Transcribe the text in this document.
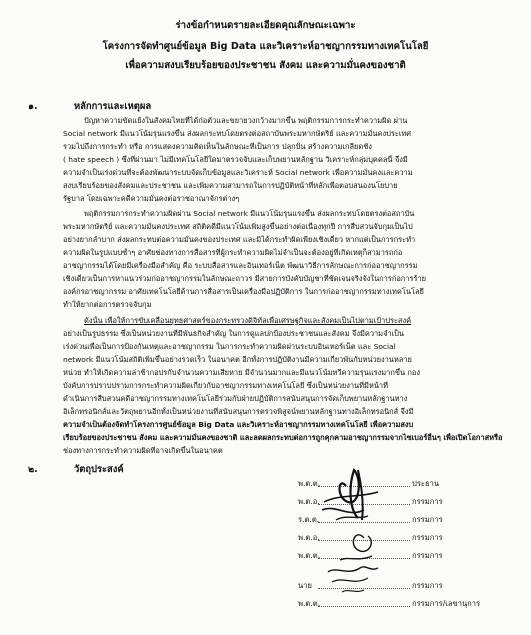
ร่างข้อกำหนดรายละเอียดคุณลักษณะเฉพาะ
โครงการจัดทำศูนย์ข้อมูล Big Data และวิเคราะห์อาชญากรรมทางเทคโนโลยี
เพื่อความสงบเรียบร้อยของประชาชน สังคม และความมั่นคงของชาติ
๑.	หลักการและเหตุผล
ปัญหาความขัดแย้งในสังคมไทยที่ได้ก่อตัวและขยายวงกว้างมากขึ้น พฤติกรรมการกระทำความผิด ผ่าน
Social network มีแนวโน้มรุนแรงขึ้น ส่งผลกระทบโดยตรงต่อสถาบันพระมหากษัตริย์ และความมั่นคงประเทศ
รวมไปถึงการกระทำ หรือ การแสดงความคิดเห็นในลักษณะที่เป็นการ ปลุกปั่น สร้างความเกลียดชัง
( hate speech ) ซึ่งที่ผ่านมา ไม่มีเทคโนโลยีใดมาตรวจจับและเก็บพยานหลักฐาน วิเคราะห์กลุ่มบุคคลนี้ จึงมี
ความจำเป็นเร่งด่วนที่จะต้องพัฒนาระบบจัดเก็บข้อมูลและวิเคราะห์ Social network เพื่อความมั่นคงและความ
สงบเรียบร้อยของสังคมและประชาชน และเพิ่มความสามารถในการปฏิบัติหน้าที่หลักเพื่อตอบสนองนโยบาย
รัฐบาล โดยเฉพาะคดีความมั่นคงต่อราชอาณาจักรต่างๆ
พฤติกรรมการกระทำความผิดผ่าน Social network มีแนวโน้มรุนแรงขึ้น ส่งผลกระทบโดยตรงต่อสถาบัน
พระมหากษัตริย์ และความมั่นคงประเทศ สถิติคดีมีแนวโน้มเพิ่มสูงขึ้นอย่างต่อเนื่องทุกปี การสืบสวนจับกุมเป็นไป
อย่างยากลำบาก ส่งผลกระทบต่อความมั่นคงของประเทศ และมิได้กระทำผิดเพียงเชิงเดี่ยว หากแต่เป็นการกระทำ
ความผิดในรูปแบบซ้ำๆ อาศัยช่องทางการสื่อสารที่ผู้กระทำความผิดไม่จำเป็นจะต้องอยู่ที่เกิดเหตุก็สามารถก่อ
อาชญากรรมได้โดยมีเครื่องมือสำคัญ คือ ระบบสื่อสารและอินเทอร์เน็ต พัฒนาวิธีการลักษณะการก่ออาชญากรรม
เชิงเดี่ยวเป็นการหาแนวร่วมก่ออาชญากรรมในลักษณะถาวร มีสายการบังคับบัญชาที่ชัดเจนจริงจังในการก่อการร้าย
องค์กรอาชญากรรม อาศัยเทคโนโลยีด้านการสื่อสารเป็นเครื่องมือปฏิบัติการ ในการก่ออาชญากรรมทางเทคโนโลยี
ทำให้ยากต่อการตรวจจับกุม
ดังนั้น เพื่อให้การขับเคลื่อนยุทธศาสตร์ของกระทรวงดิจิทัลเพื่อเศรษฐกิจและสังคมเป็นไปตามเป้าประสงค์
อย่างเป็นรูปธรรม ซึ่งเป็นหน่วยงานที่มีพันธกิจสำคัญ ในการดูแลปกป้องประชาชนและสังคม จึงมีความจำเป็น
เร่งด่วนเพื่อเป็นการป้องกันเหตุและอาชญากรรม ในการกระทำความผิดผ่านระบบอินเทอร์เน็ต และ Social
network มีแนวโน้มสถิติเพิ่มขึ้นอย่างรวดเร็ว ในอนาคต อีกทั้งการปฏิบัติงานมีความเกี่ยวพันกับหน่วยงานหลาย
หน่วย ทำให้เกิดความล่าช้ากอปรกับจำนวนความเสียหาย มีจำนวนมากและมีแนวโน้มทวีความรุนแรงมากขึ้น กอง
บังคับการปราบปรามการกระทำความผิดเกี่ยวกับอาชญากรรมทางเทคโนโลยี ซึ่งเป็นหน่วยงานที่มีหน้าที่
ดำเนินการสืบสวนคดีอาชญากรรมทางเทคโนโลยีร่วมกับฝ่ายปฏิบัติการสนับสนุนการจัดเก็บพยานหลักฐานทาง
อิเล็กทรอนิกส์และวัตถุพยานอีกทั้งเป็นหน่วยงานที่สนับสนุนการตรวจพิสูจน์พยานหลักฐานทางอิเล็กทรอนิกส์ จึงมี
ความจำเป็นต้องจัดทำโครงการศูนย์ข้อมูล Big Data และวิเคราะห์อาชญากรรมทางเทคโนโลยี เพื่อความสงบ
เรียบร้อยของประชาชน สังคม และความมั่นคงของชาติ และลดผลกระทบต่อการถูกคุกคามอาชญากรรมจากไซเบอร์อื่นๆ เพื่อเปิดโอกาสหรือ
ช่องทางการกระทำความผิดที่อาจเกิดขึ้นในอนาคต
๒.	วัตถุประสงค์
พ.ต.ต.	ประธาน
พ.ต.อ.	กรรมการ
ร.ต.ต.	กรรมการ
พ.ต.อ.	กรรมการ
พ.ต.ต.	กรรมการ
นาย	กรรมการ
พ.ต.ต.	กรรมการ/เลขานุการ
